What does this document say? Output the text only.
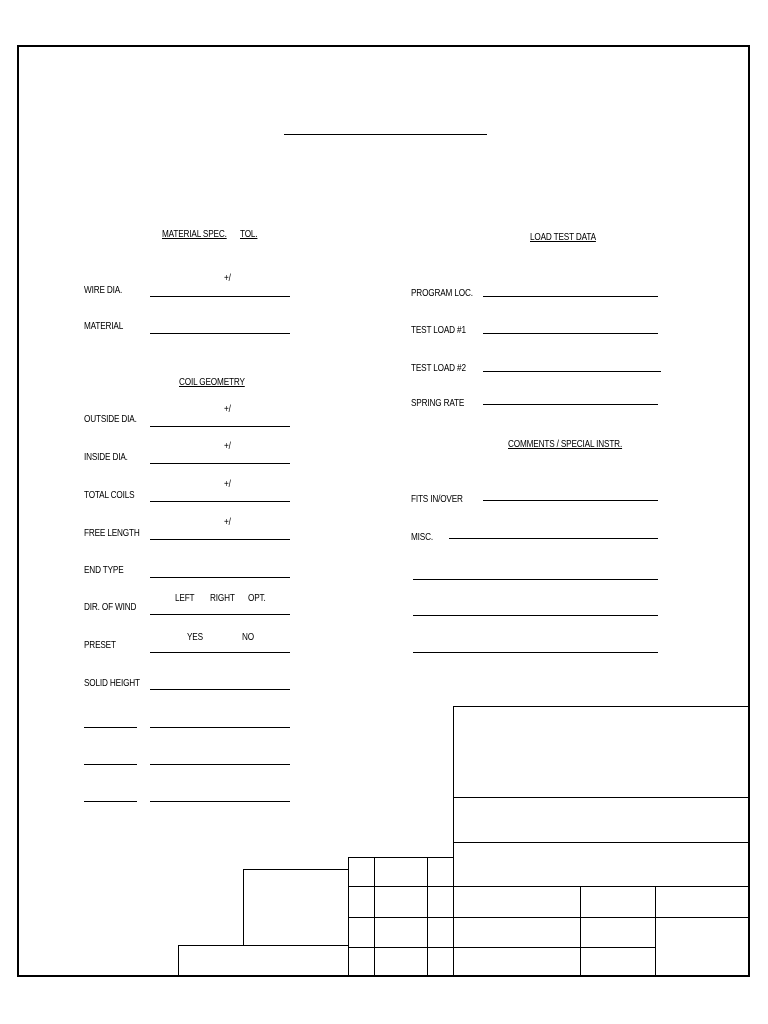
MATERIAL SPEC. TOL.
WIRE DIA.
+/
MATERIAL
COIL GEOMETRY
OUTSIDE DIA.
+/
INSIDE DIA.
+/
TOTAL COILS
+/
FREE LENGTH
+/
END TYPE
DIR. OF WIND
LEFT RIGHT OPT.
PRESET
YES	NO
SOLID HEIGHT
LOAD TEST DATA
PROGRAM LOC.
TEST LOAD #1
TEST LOAD #2
SPRING RATE
COMMENTS / SPECIAL INSTR.
FITS IN/OVER
MISC.
